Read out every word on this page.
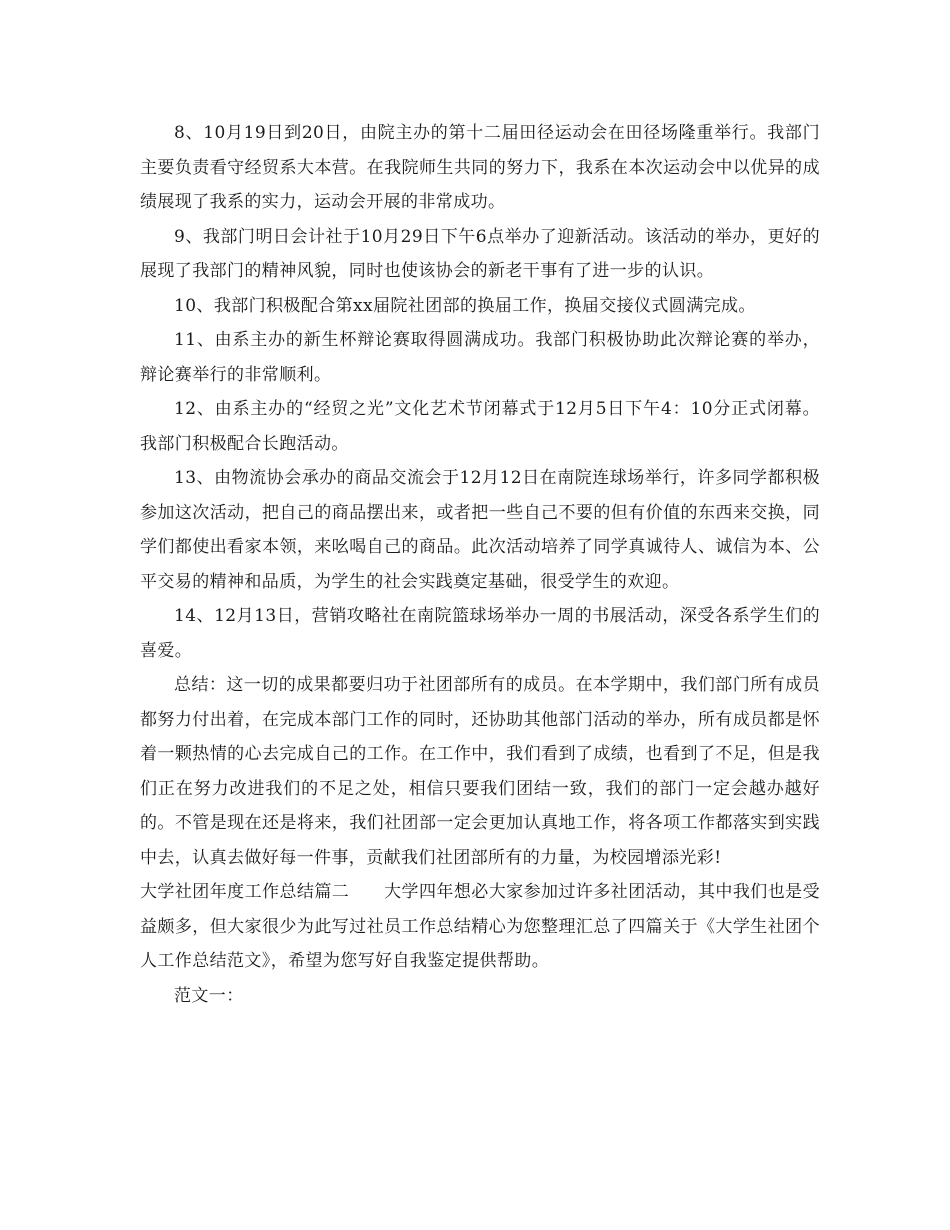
8、10月19日到20日，由院主办的第十二届田径运动会在田径场隆重举行。我部门主要负责看守经贸系大本营。在我院师生共同的努力下，我系在本次运动会中以优异的成绩展现了我系的实力，运动会开展的非常成功。

9、我部门明日会计社于10月29日下午6点举办了迎新活动。该活动的举办，更好的展现了我部门的精神风貌，同时也使该协会的新老干事有了进一步的认识。

10、我部门积极配合第xx届院社团部的换届工作，换届交接仪式圆满完成。

11、由系主办的新生杯辩论赛取得圆满成功。我部门积极协助此次辩论赛的举办，辩论赛举行的非常顺利。

12、由系主办的“经贸之光”文化艺术节闭幕式于12月5日下午4：10分正式闭幕。我部门积极配合长跑活动。

13、由物流协会承办的商品交流会于12月12日在南院连球场举行，许多同学都积极参加这次活动，把自己的商品摆出来，或者把一些自己不要的但有价值的东西来交换，同学们都使出看家本领，来吆喝自己的商品。此次活动培养了同学真诚待人、诚信为本、公平交易的精神和品质，为学生的社会实践奠定基础，很受学生的欢迎。

14、12月13日，营销攻略社在南院篮球场举办一周的书展活动，深受各系学生们的喜爱。

总结：这一切的成果都要归功于社团部所有的成员。在本学期中，我们部门所有成员都努力付出着，在完成本部门工作的同时，还协助其他部门活动的举办，所有成员都是怀着一颗热情的心去完成自己的工作。在工作中，我们看到了成绩，也看到了不足，但是我们正在努力改进我们的不足之处，相信只要我们团结一致，我们的部门一定会越办越好的。不管是现在还是将来，我们社团部一定会更加认真地工作，将各项工作都落实到实践中去，认真去做好每一件事，贡献我们社团部所有的力量，为校园增添光彩!

大学社团年度工作总结篇二　　大学四年想必大家参加过许多社团活动，其中我们也是受益颇多，但大家很少为此写过社员工作总结精心为您整理汇总了四篇关于《大学生社团个人工作总结范文》，希望为您写好自我鉴定提供帮助。

范文一：
